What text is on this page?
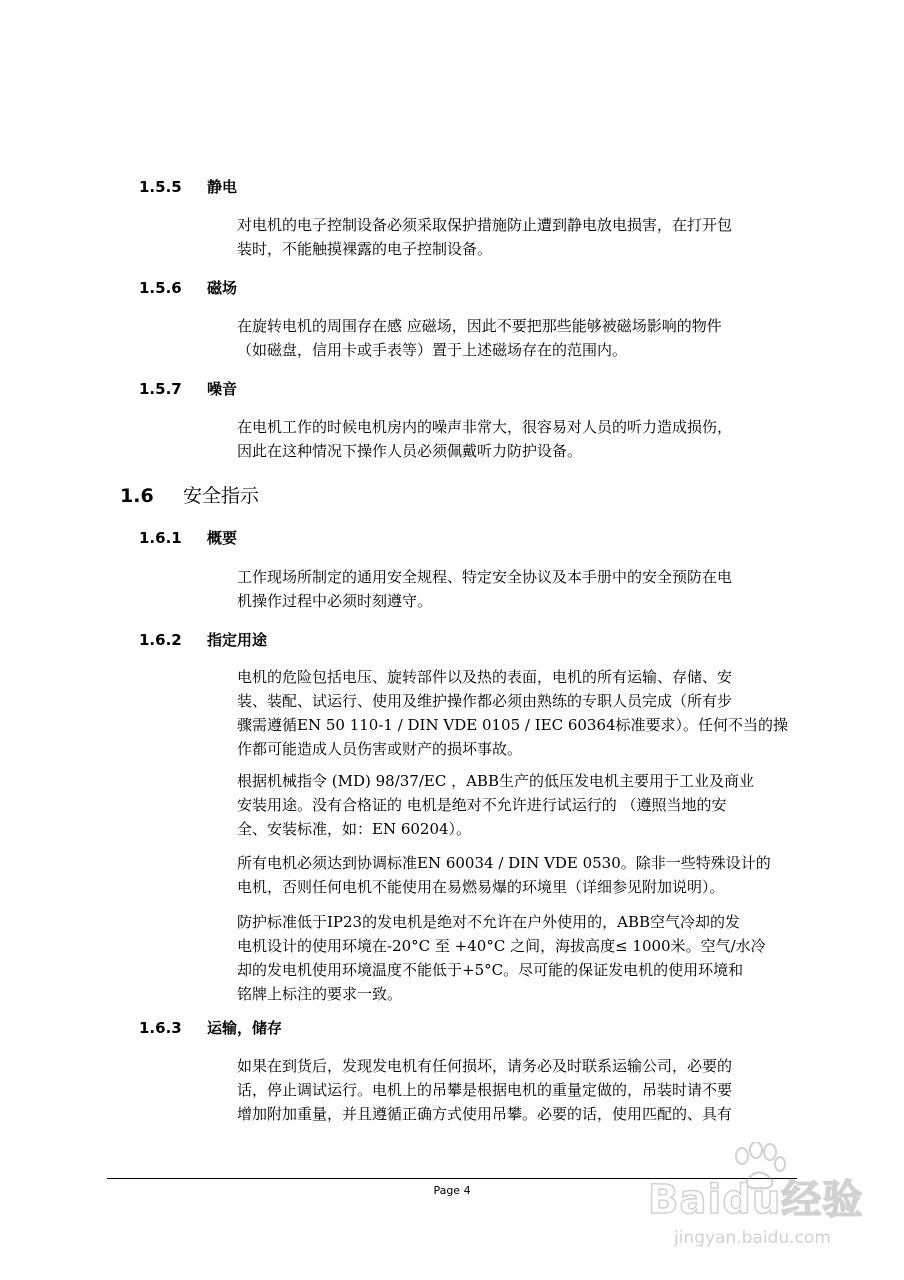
1.5.5 静电
对电机的电子控制设备必须采取保护措施防止遭到静电放电损害，在打开包
装时，不能触摸裸露的电子控制设备。
1.5.6 磁场
在旋转电机的周围存在感 应磁场，因此不要把那些能够被磁场影响的物件
（如磁盘，信用卡或手表等）置于上述磁场存在的范围内。
1.5.7 噪音
在电机工作的时候电机房内的噪声非常大，很容易对人员的听力造成损伤，
因此在这种情况下操作人员必须佩戴听力防护设备。
1.6 安全指示
1.6.1 概要
工作现场所制定的通用安全规程、特定安全协议及本手册中的安全预防在电
机操作过程中必须时刻遵守。
1.6.2 指定用途
电机的危险包括电压、旋转部件以及热的表面，电机的所有运输、存储、安
装、装配、试运行、使用及维护操作都必须由熟练的专职人员完成（所有步
骤需遵循EN 50 110-1 / DIN VDE 0105 / IEC 60364标准要求）。任何不当的操
作都可能造成人员伤害或财产的损坏事故。
根据机械指令 (MD) 98/37/EC ，ABB生产的低压发电机主要用于工业及商业
安装用途。没有合格证的 电机是绝对不允许进行试运行的 （遵照当地的安
全、安装标准，如：EN 60204）。
所有电机必须达到协调标准EN 60034 / DIN VDE 0530。除非一些特殊设计的
电机，否则任何电机不能使用在易燃易爆的环境里（详细参见附加说明）。
防护标准低于IP23的发电机是绝对不允许在户外使用的，ABB空气冷却的发
电机设计的使用环境在-20°C 至 +40°C 之间，海拔高度≤ 1000米。空气/水冷
却的发电机使用环境温度不能低于+5°C。尽可能的保证发电机的使用环境和
铭牌上标注的要求一致。
1.6.3 运输，储存
如果在到货后，发现发电机有任何损坏，请务必及时联系运输公司，必要的
话，停止调试运行。电机上的吊攀是根据电机的重量定做的，吊装时请不要
增加附加重量，并且遵循正确方式使用吊攀。必要的话，使用匹配的、具有
Page 4	Baidu经验
jingyan.baidu.com
